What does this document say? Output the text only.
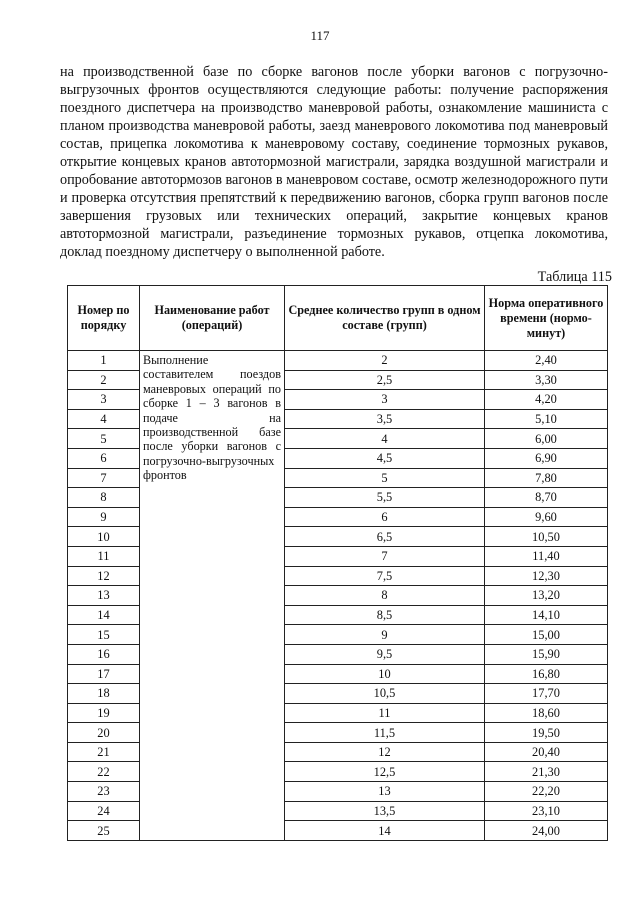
117
на производственной базе по сборке вагонов после уборки вагонов с погрузочно-выгрузочных фронтов осуществляются следующие работы: получение распоряжения поездного диспетчера на производство маневровой работы, ознакомление машиниста с планом производства маневровой работы, заезд маневрового локомотива под маневровый состав, прицепка локомотива к маневровому составу, соединение тормозных рукавов, открытие концевых кранов автотормозной магистрали, зарядка воздушной магистрали и опробование автотормозов вагонов в маневровом составе, осмотр железнодорожного пути и проверка отсутствия препятствий к передвижению вагонов, сборка групп вагонов после завершения грузовых или технических операций, закрытие концевых кранов автотормозной магистрали, разъединение тормозных рукавов, отцепка локомотива, доклад поездному диспетчеру о выполненной работе.
Таблица 115
Номер по порядку	Наименование работ (операций)	Среднее количество групп в одном составе (групп)	Норма оперативного времени (нормо-минут)
1	Выполнение составителем поездов маневровых операций по сборке 1 – 3 вагонов в подаче на производственной базе после уборки вагонов с погрузочно-выгрузочных фронтов	2	2,40
2		2,5	3,30
3		3	4,20
4		3,5	5,10
5		4	6,00
6		4,5	6,90
7		5	7,80
8		5,5	8,70
9		6	9,60
10		6,5	10,50
11		7	11,40
12		7,5	12,30
13		8	13,20
14		8,5	14,10
15		9	15,00
16		9,5	15,90
17		10	16,80
18		10,5	17,70
19		11	18,60
20		11,5	19,50
21		12	20,40
22		12,5	21,30
23		13	22,20
24		13,5	23,10
25		14	24,00
